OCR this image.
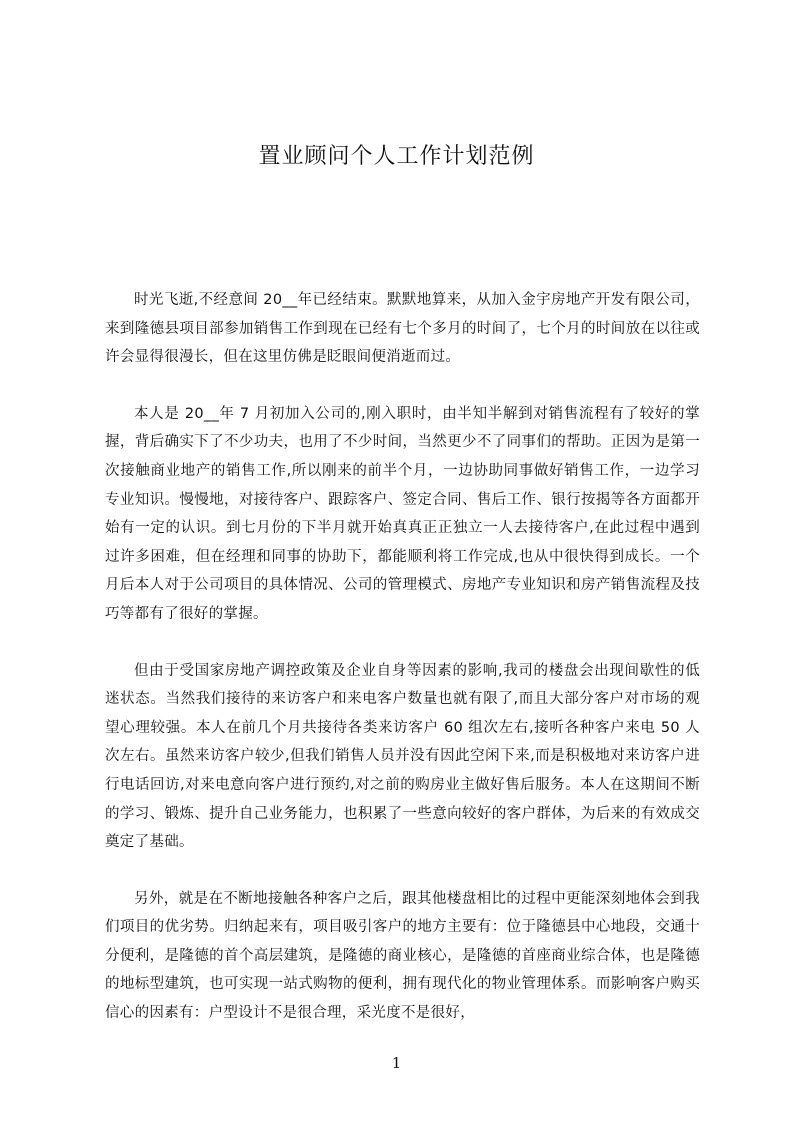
置业顾问个人工作计划范例

时光飞逝,不经意间 20__年已经结束。默默地算来，从加入金宇房地产开发有限公司，来到隆德县项目部参加销售工作到现在已经有七个多月的时间了，七个月的时间放在以往或许会显得很漫长，但在这里仿佛是眨眼间便消逝而过。

本人是 20__年 7 月初加入公司的,刚入职时，由半知半解到对销售流程有了较好的掌握，背后确实下了不少功夫，也用了不少时间，当然更少不了同事们的帮助。正因为是第一次接触商业地产的销售工作,所以刚来的前半个月，一边协助同事做好销售工作，一边学习专业知识。慢慢地，对接待客户、跟踪客户、签定合同、售后工作、银行按揭等各方面都开始有一定的认识。到七月份的下半月就开始真真正正独立一人去接待客户,在此过程中遇到过许多困难，但在经理和同事的协助下，都能顺利将工作完成,也从中很快得到成长。一个月后本人对于公司项目的具体情况、公司的管理模式、房地产专业知识和房产销售流程及技巧等都有了很好的掌握。

但由于受国家房地产调控政策及企业自身等因素的影响,我司的楼盘会出现间歇性的低迷状态。当然我们接待的来访客户和来电客户数量也就有限了,而且大部分客户对市场的观望心理较强。本人在前几个月共接待各类来访客户 60 组次左右,接听各种客户来电 50 人次左右。虽然来访客户较少,但我们销售人员并没有因此空闲下来,而是积极地对来访客户进行电话回访,对来电意向客户进行预约,对之前的购房业主做好售后服务。本人在这期间不断的学习、锻炼、提升自己业务能力，也积累了一些意向较好的客户群体，为后来的有效成交奠定了基础。

另外，就是在不断地接触各种客户之后，跟其他楼盘相比的过程中更能深刻地体会到我们项目的优劣势。归纳起来有，项目吸引客户的地方主要有：位于隆德县中心地段，交通十分便利，是隆德的首个高层建筑，是隆德的商业核心，是隆德的首座商业综合体，也是隆德的地标型建筑，也可实现一站式购物的便利，拥有现代化的物业管理体系。而影响客户购买信心的因素有：户型设计不是很合理，采光度不是很好，

1
